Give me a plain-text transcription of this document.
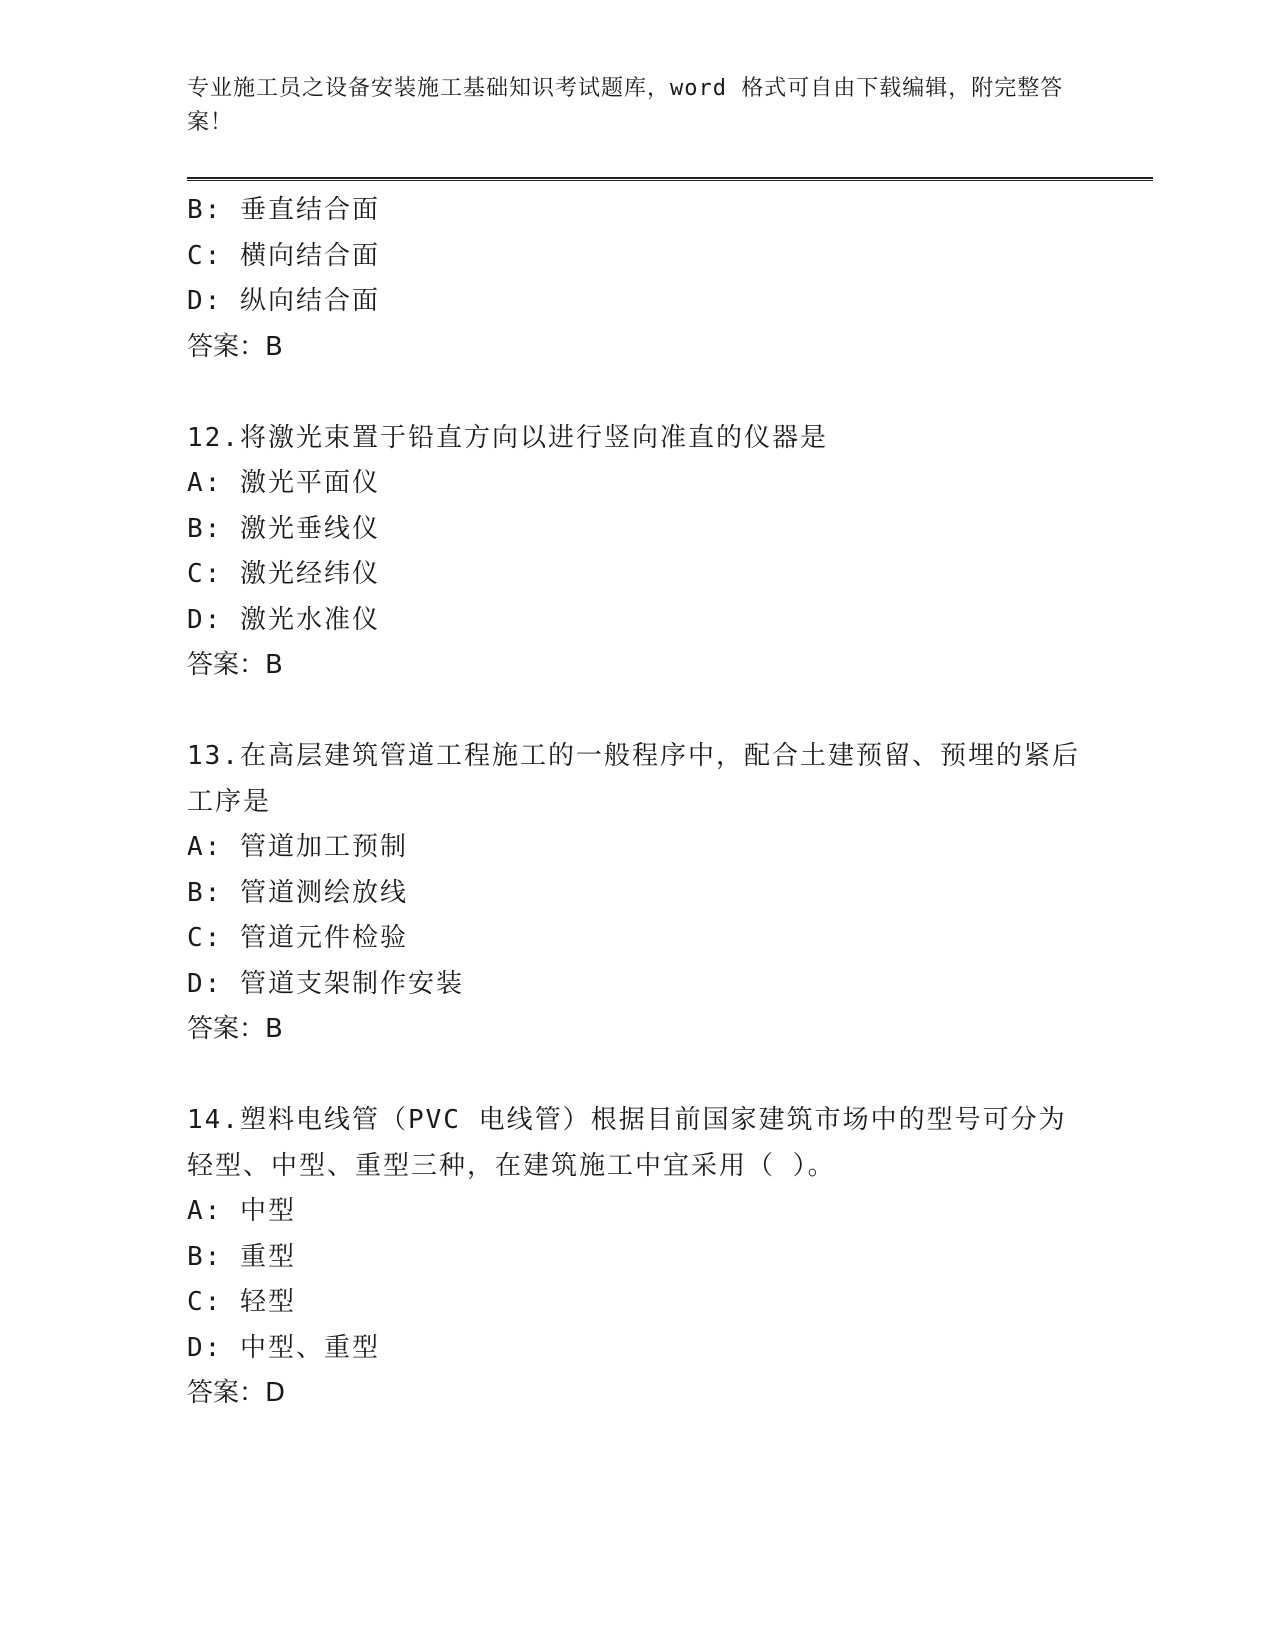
专业施工员之设备安装施工基础知识考试题库，word 格式可自由下载编辑，附完整答案！
B: 垂直结合面
C: 横向结合面
D: 纵向结合面
答案：B
12.将激光束置于铅直方向以进行竖向准直的仪器是
A: 激光平面仪
B: 激光垂线仪
C: 激光经纬仪
D: 激光水准仪
答案：B
13.在高层建筑管道工程施工的一般程序中，配合土建预留、预埋的紧后工序是
A: 管道加工预制
B: 管道测绘放线
C: 管道元件检验
D: 管道支架制作安装
答案：B
14.塑料电线管（PVC 电线管）根据目前国家建筑市场中的型号可分为轻型、中型、重型三种，在建筑施工中宜采用（ ）。
A: 中型
B: 重型
C: 轻型
D: 中型、重型
答案：D
